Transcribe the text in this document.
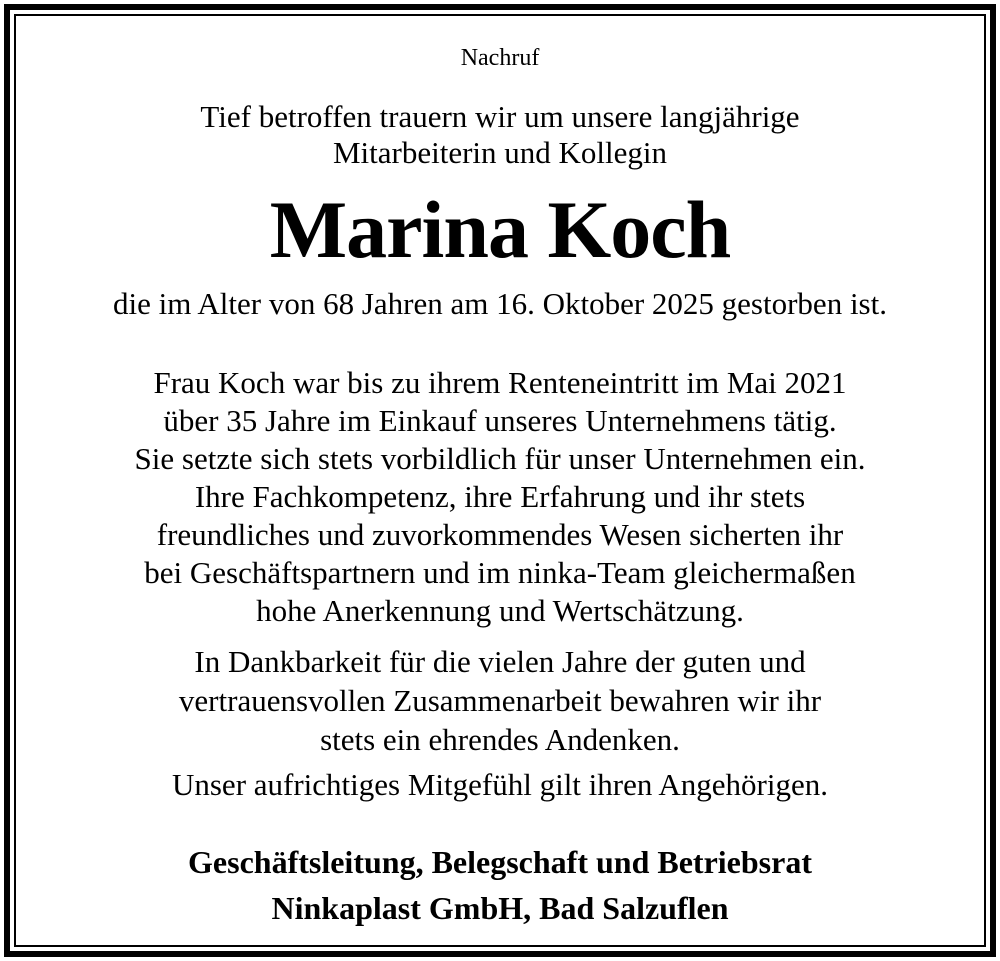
Nachruf
Tief betroffen trauern wir um unsere langjährige
Mitarbeiterin und Kollegin
Marina Koch
die im Alter von 68 Jahren am 16. Oktober 2025 gestorben ist.
Frau Koch war bis zu ihrem Renteneintritt im Mai 2021
über 35 Jahre im Einkauf unseres Unternehmens tätig.
Sie setzte sich stets vorbildlich für unser Unternehmen ein.
Ihre Fachkompetenz, ihre Erfahrung und ihr stets
freundliches und zuvorkommendes Wesen sicherten ihr
bei Geschäftspartnern und im ninka-Team gleichermaßen
hohe Anerkennung und Wertschätzung.
In Dankbarkeit für die vielen Jahre der guten und
vertrauensvollen Zusammenarbeit bewahren wir ihr
stets ein ehrendes Andenken.
Unser aufrichtiges Mitgefühl gilt ihren Angehörigen.
Geschäftsleitung, Belegschaft und Betriebsrat
Ninkaplast GmbH, Bad Salzuflen
